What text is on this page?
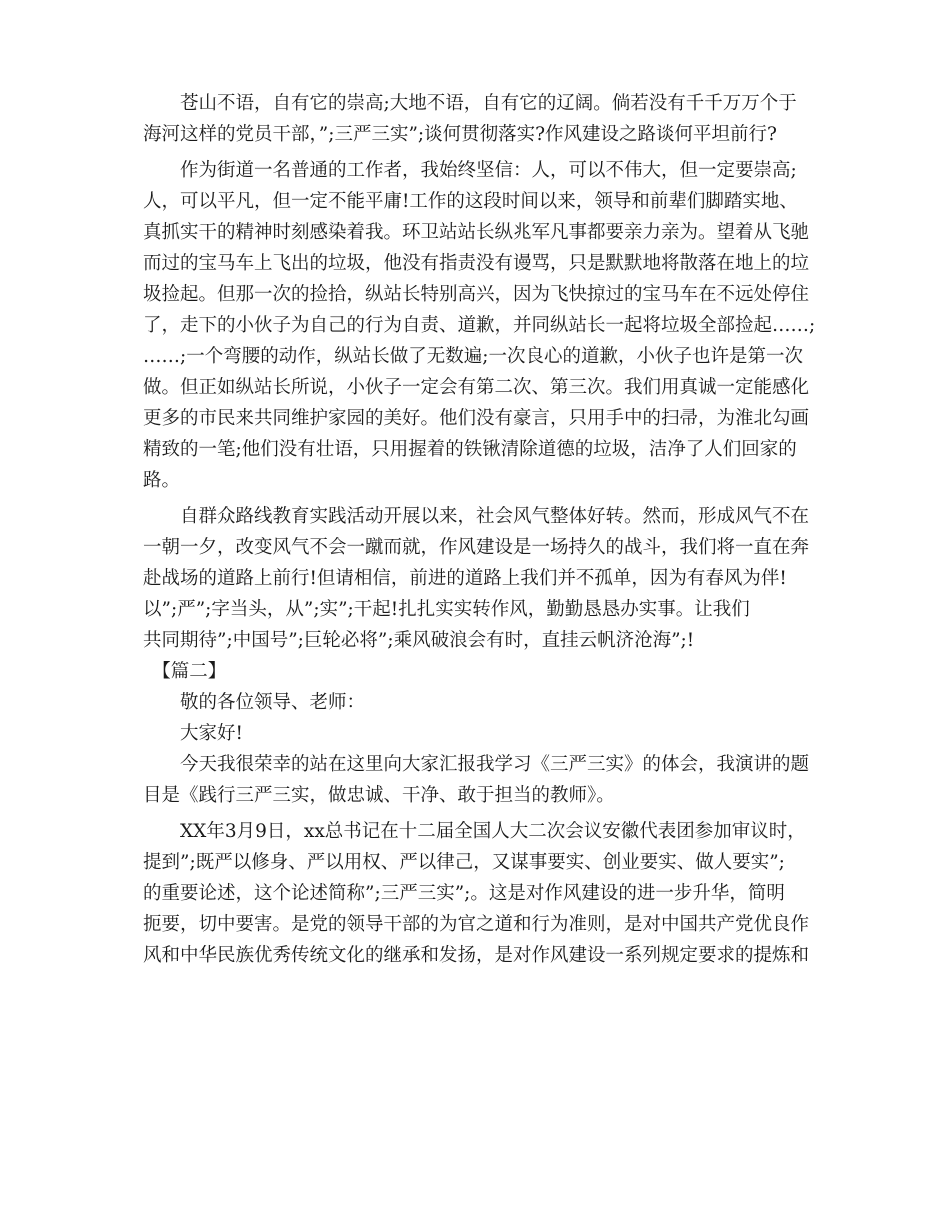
　　苍山不语，自有它的崇高;大地不语，自有它的辽阔。倘若没有千千万万个于
海河这样的党员干部，”;三严三实”;谈何贯彻落实?作风建设之路谈何平坦前行?
　　作为街道一名普通的工作者，我始终坚信：人，可以不伟大，但一定要崇高;
人，可以平凡，但一定不能平庸!工作的这段时间以来，领导和前辈们脚踏实地、
真抓实干的精神时刻感染着我。环卫站站长纵兆军凡事都要亲力亲为。望着从飞驰
而过的宝马车上飞出的垃圾，他没有指责没有谩骂，只是默默地将散落在地上的垃
圾捡起。但那一次的捡拾，纵站长特别高兴，因为飞快掠过的宝马车在不远处停住
了，走下的小伙子为自己的行为自责、道歉，并同纵站长一起将垃圾全部捡起……;
……;一个弯腰的动作，纵站长做了无数遍;一次良心的道歉，小伙子也许是第一次
做。但正如纵站长所说，小伙子一定会有第二次、第三次。我们用真诚一定能感化
更多的市民来共同维护家园的美好。他们没有豪言，只用手中的扫帚，为淮北勾画
精致的一笔;他们没有壮语，只用握着的铁锹清除道德的垃圾，洁净了人们回家的
路。
　　自群众路线教育实践活动开展以来，社会风气整体好转。然而，形成风气不在
一朝一夕，改变风气不会一蹴而就，作风建设是一场持久的战斗，我们将一直在奔
赴战场的道路上前行!但请相信，前进的道路上我们并不孤单，因为有春风为伴!
以”;严”;字当头，从”;实”;干起!扎扎实实转作风，勤勤恳恳办实事。让我们
共同期待”;中国号”;巨轮必将”;乘风破浪会有时，直挂云帆济沧海”;!
　【篇二】
　　敬的各位领导、老师：
　　大家好!
　　今天我很荣幸的站在这里向大家汇报我学习《三严三实》的体会，我演讲的题
目是《践行三严三实，做忠诚、干净、敢于担当的教师》。
　　XX年3月9日，xx总书记在十二届全国人大二次会议安徽代表团参加审议时，
提到”;既严以修身、严以用权、严以律己，又谋事要实、创业要实、做人要实”;
的重要论述，这个论述简称”;三严三实”;。这是对作风建设的进一步升华，简明
扼要，切中要害。是党的领导干部的为官之道和行为准则，是对中国共产党优良作
风和中华民族优秀传统文化的继承和发扬，是对作风建设一系列规定要求的提炼和
